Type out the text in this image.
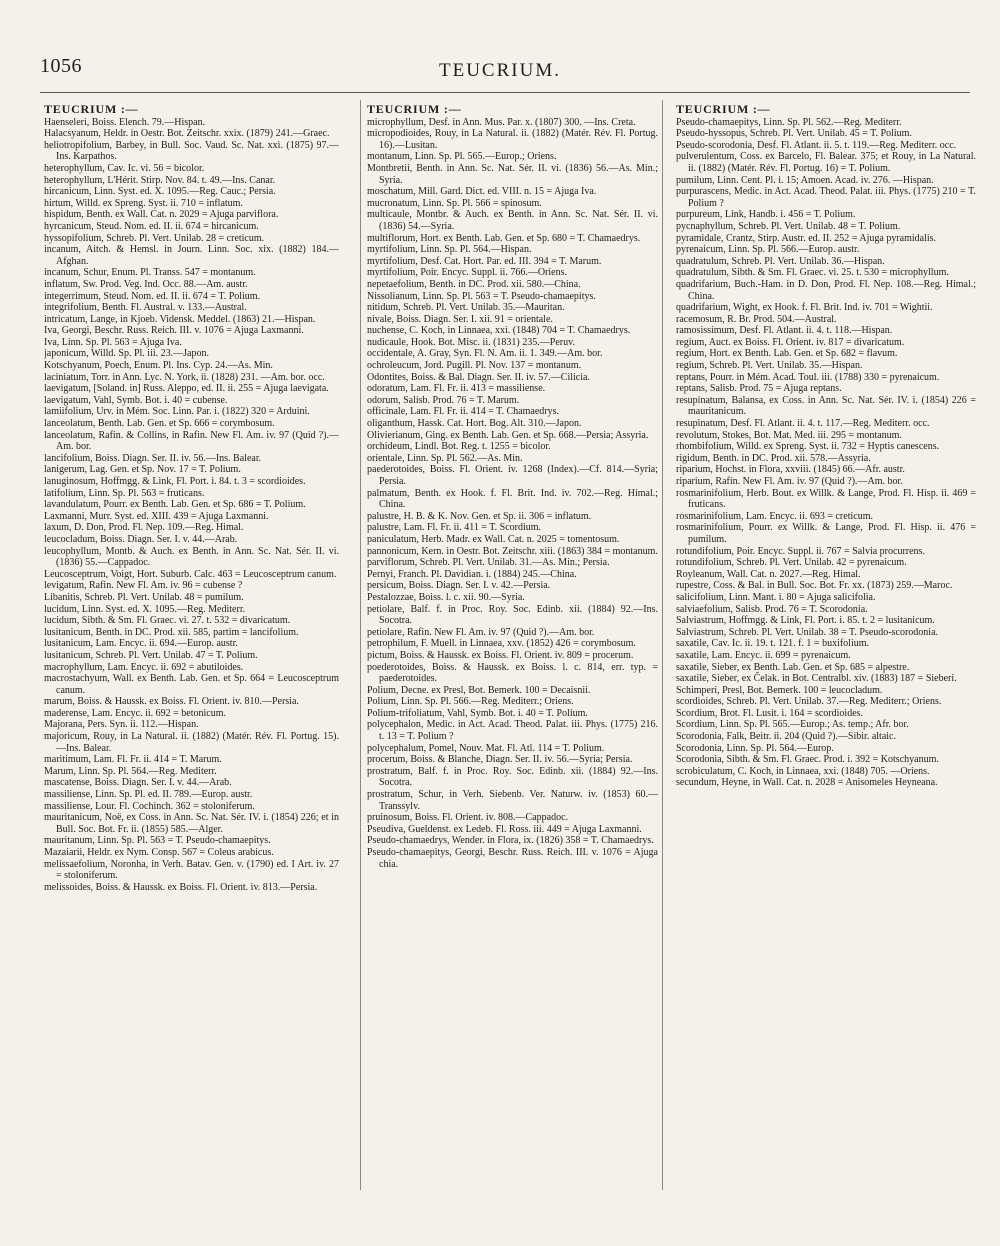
1056	TEUCRIUM.
TEUCRIUM :—
Haenseleri, Boiss. Elench. 79.—Hispan.
Halacsyanum, Heldr. in Oestr. Bot. Zeitschr. xxix. (1879) 241.—Graec.
heliotropifolium, Barbey, in Bull. Soc. Vaud. Sc. Nat. xxi. (1875) 97.—Ins. Karpathos.
heterophyllum, Cav. Ic. vi. 56 = bicolor.
heterophyllum, L'Hérit. Stirp. Nov. 84. t. 49.—Ins. Canar.
hircanicum, Linn. Syst. ed. X. 1095.—Reg. Cauc.; Persia.
hirtum, Willd. ex Spreng. Syst. ii. 710 = inflatum.
hispidum, Benth. ex Wall. Cat. n. 2029 = Ajuga parviflora.
hyrcanicum, Steud. Nom. ed. II. ii. 674 = hircanicum.
hyssopifolium, Schreb. Pl. Vert. Unilab. 28 = creticum.
incanum, Aitch. & Hemsl. in Journ. Linn. Soc. xix. (1882) 184.—Afghan.
incanum, Schur, Enum. Pl. Transs. 547 = montanum.
inflatum, Sw. Prod. Veg. Ind. Occ. 88.—Am. austr.
integerrimum, Steud. Nom. ed. II. ii. 674 = T. Polium.
integrifolium, Benth. Fl. Austral. v. 133.—Austral.
intricatum, Lange, in Kjoeb. Vidensk. Meddel. (1863) 21.—Hispan.
Iva, Georgi, Beschr. Russ. Reich. III. v. 1076 = Ajuga Laxmanni.
Iva, Linn. Sp. Pl. 563 = Ajuga Iva.
japonicum, Willd. Sp. Pl. iii. 23.—Japon.
Kotschyanum, Poech, Enum. Pl. Ins. Cyp. 24.—As. Min.
laciniatum, Torr. in Ann. Lyc. N. York, ii. (1828) 231. —Am. bor. occ.
laevigatum, [Soland. in] Russ. Aleppo, ed. II. ii. 255 = Ajuga laevigata.
laevigatum, Vahl, Symb. Bot. i. 40 = cubense.
lamiifolium, Urv. in Mém. Soc. Linn. Par. i. (1822) 320 = Arduini.
lanceolatum, Benth. Lab. Gen. et Sp. 666 = corymbosum.
lanceolatum, Rafin. & Collins, in Rafin. New Fl. Am. iv. 97 (Quid ?).—Am. bor.
lancifolium, Boiss. Diagn. Ser. II. iv. 56.—Ins. Balear.
lanigerum, Lag. Gen. et Sp. Nov. 17 = T. Polium.
lanuginosum, Hoffmgg. & Link, Fl. Port. i. 84. t. 3 = scordioides.
latifolium, Linn. Sp. Pl. 563 = fruticans.
lavandulatum, Pourr. ex Benth. Lab. Gen. et Sp. 686 = T. Polium.
Laxmanni, Murr. Syst. ed. XIII. 439 = Ajuga Laxmanni.
laxum, D. Don, Prod. Fl. Nep. 109.—Reg. Himal.
leucocladum, Boiss. Diagn. Ser. I. v. 44.—Arab.
leucophyllum, Montb. & Auch. ex Benth. in Ann. Sc. Nat. Sér. II. vi. (1836) 55.—Cappadoc.
Leucosceptrum, Voigt, Hort. Suburb. Calc. 463 = Leucosceptrum canum.
levigatum, Rafin. New Fl. Am. iv. 96 = cubense ?
Libanitis, Schreb. Pl. Vert. Unilab. 48 = pumilum.
lucidum, Linn. Syst. ed. X. 1095.—Reg. Mediterr.
lucidum, Sibth. & Sm. Fl. Graec. vi. 27. t. 532 = divaricatum.
lusitanicum, Benth. in DC. Prod. xii. 585, partim = lancifolium.
lusitanicum, Lam. Encyc. ii. 694.—Europ. austr.
lusitanicum, Schreb. Pl. Vert. Unilab. 47 = T. Polium.
macrophyllum, Lam. Encyc. ii. 692 = abutiloides.
macrostachyum, Wall. ex Benth. Lab. Gen. et Sp. 664 = Leucosceptrum canum.
marum, Boiss. & Haussk. ex Boiss. Fl. Orient. iv. 810.—Persia.
maderense, Lam. Encyc. ii. 692 = betonicum.
Majorana, Pers. Syn. ii. 112.—Hispan.
majoricum, Rouy, in La Natural. ii. (1882) (Matér. Rév. Fl. Portug. 15).—Ins. Balear.
maritimum, Lam. Fl. Fr. ii. 414 = T. Marum.
Marum, Linn. Sp. Pl. 564.—Reg. Mediterr.
mascatense, Boiss. Diagn. Ser. I. v. 44.—Arab.
massiliense, Linn. Sp. Pl. ed. II. 789.—Europ. austr.
massiliense, Lour. Fl. Cochinch. 362 = stoloniferum.
mauritanicum, Noë, ex Coss. in Ann. Sc. Nat. Sér. IV. i. (1854) 226; et in Bull. Soc. Bot. Fr. ii. (1855) 585.—Alger.
mauritanum, Linn. Sp. Pl. 563 = T. Pseudo-chamaepitys.
Mazaiarii, Heldr. ex Nym. Consp. 567 = Coleus arabicus.
melissaefolium, Noronha, in Verh. Batav. Gen. v. (1790) ed. I Art. iv. 27 = stoloniferum.
melissoides, Boiss. & Haussk. ex Boiss. Fl. Orient. iv. 813.—Persia.
TEUCRIUM :—
microphyllum, Desf. in Ann. Mus. Par. x. (1807) 300. —Ins. Creta.
micropodioides, Rouy, in La Natural. ii. (1882) (Matér. Rév. Fl. Portug. 16).—Lusitan.
montanum, Linn. Sp. Pl. 565.—Europ.; Oriens.
Montbretii, Benth. in Ann. Sc. Nat. Sér. II. vi. (1836) 56.—As. Min.; Syria.
moschatum, Mill. Gard. Dict. ed. VIII. n. 15 = Ajuga Iva.
mucronatum, Linn. Sp. Pl. 566 = spinosum.
multicaule, Montbr. & Auch. ex Benth. in Ann. Sc. Nat. Sér. II. vi. (1836) 54.—Syria.
multiflorum, Hort. ex Benth. Lab. Gen. et Sp. 680 = T. Chamaedrys.
myrtifolium, Linn. Sp. Pl. 564.—Hispan.
myrtifolium, Desf. Cat. Hort. Par. ed. III. 394 = T. Marum.
myrtifolium, Poir. Encyc. Suppl. ii. 766.—Oriens.
nepetaefolium, Benth. in DC. Prod. xii. 580.—China.
Nissolianum, Linn. Sp. Pl. 563 = T. Pseudo-chamaepitys.
nitidum, Schreb. Pl. Vert. Unilab. 35.—Mauritan.
nivale, Boiss. Diagn. Ser. I. xii. 91 = orientale.
nuchense, C. Koch, in Linnaea, xxi. (1848) 704 = T. Chamaedrys.
nudicaule, Hook. Bot. Misc. ii. (1831) 235.—Peruv.
occidentale, A. Gray, Syn. Fl. N. Am. ii. 1. 349.—Am. bor.
ochroleucum, Jord. Pugill. Pl. Nov. 137 = montanum.
Odontites, Boiss. & Bal. Diagn. Ser. II. iv. 57.—Cilicia.
odoratum, Lam. Fl. Fr. ii. 413 = massiliense.
odorum, Salisb. Prod. 76 = T. Marum.
officinale, Lam. Fl. Fr. ii. 414 = T. Chamaedrys.
oliganthum, Hassk. Cat. Hort. Bog. Alt. 310.—Japon.
Olivierianum, Ging. ex Benth. Lab. Gen. et Sp. 668.—Persia; Assyria.
orchideum, Lindl. Bot. Reg. t. 1255 = bicolor.
orientale, Linn. Sp. Pl. 562.—As. Min.
paederotoides, Boiss. Fl. Orient. iv. 1268 (Index).—Cf. 814.—Syria; Persia.
palmatum, Benth. ex Hook. f. Fl. Brit. Ind. iv. 702.—Reg. Himal.; China.
palustre, H. B. & K. Nov. Gen. et Sp. ii. 306 = inflatum.
palustre, Lam. Fl. Fr. ii. 411 = T. Scordium.
paniculatum, Herb. Madr. ex Wall. Cat. n. 2025 = tomentosum.
pannonicum, Kern. in Oestr. Bot. Zeitschr. xiii. (1863) 384 = montanum.
parviflorum, Schreb. Pl. Vert. Unilab. 31.—As. Min.; Persia.
Pernyi, Franch. Pl. Davidian. i. (1884) 245.—China.
persicum, Boiss. Diagn. Ser. I. v. 42.—Persia.
Pestalozzae, Boiss. l. c. xii. 90.—Syria.
petiolare, Balf. f. in Proc. Roy. Soc. Edinb. xii. (1884) 92.—Ins. Socotra.
petiolare, Rafin. New Fl. Am. iv. 97 (Quid ?).—Am. bor.
petrophilum, F. Muell. in Linnaea, xxv. (1852) 426 = corymbosum.
pictum, Boiss. & Haussk. ex Boiss. Fl. Orient. iv. 809 = procerum.
poederotoides, Boiss. & Haussk. ex Boiss. l. c. 814, err. typ. = paederotoides.
Polium, Decne. ex Presl, Bot. Bemerk. 100 = Decaisnii.
Polium, Linn. Sp. Pl. 566.—Reg. Mediterr.; Oriens.
Polium-trifoliatum, Vahl, Symb. Bot. i. 40 = T. Polium.
polycephalon, Medic. in Act. Acad. Theod. Palat. iii. Phys. (1775) 216. t. 13 = T. Polium ?
polycephalum, Pomel, Nouv. Mat. Fl. Atl. 114 = T. Polium.
procerum, Boiss. & Blanche, Diagn. Ser. II. iv. 56.—Syria; Persia.
prostratum, Balf. f. in Proc. Roy. Soc. Edinb. xii. (1884) 92.—Ins. Socotra.
prostratum, Schur, in Verh. Siebenb. Ver. Naturw. iv. (1853) 60.—Transsylv.
pruinosum, Boiss. Fl. Orient. iv. 808.—Cappadoc.
Pseudiva, Gueldenst. ex Ledeb. Fl. Ross. iii. 449 = Ajuga Laxmanni.
Pseudo-chamaedrys, Wender. in Flora, ix. (1826) 358 = T. Chamaedrys.
Pseudo-chamaepitys, Georgi, Beschr. Russ. Reich. III. v. 1076 = Ajuga chia.
TEUCRIUM :—
Pseudo-chamaepitys, Linn. Sp. Pl. 562.—Reg. Mediterr.
Pseudo-hyssopus, Schreb. Pl. Vert. Unilab. 45 = T. Polium.
Pseudo-scorodonia, Desf. Fl. Atlant. ii. 5. t. 119.—Reg. Mediterr. occ.
pulverulentum, Coss. ex Barcelo, Fl. Balear. 375; et Rouy, in La Natural. ii. (1882) (Matér. Rév. Fl. Portug. 16) = T. Polium.
pumilum, Linn. Cent. Pl. i. 15; Amoen. Acad. iv. 276. —Hispan.
purpurascens, Medic. in Act. Acad. Theod. Palat. iii. Phys. (1775) 210 = T. Polium ?
purpureum, Link, Handb. i. 456 = T. Polium.
pycnaphyllum, Schreb. Pl. Vert. Unilab. 48 = T. Polium.
pyramidale, Crantz, Stirp. Austr. ed. II. 252 = Ajuga pyramidalis.
pyrenaicum, Linn. Sp. Pl. 566.—Europ. austr.
quadratulum, Schreb. Pl. Vert. Unilab. 36.—Hispan.
quadratulum, Sibth. & Sm. Fl. Graec. vi. 25. t. 530 = microphyllum.
quadrifarium, Buch.-Ham. in D. Don, Prod. Fl. Nep. 108.—Reg. Himal.; China.
quadrifarium, Wight, ex Hook. f. Fl. Brit. Ind. iv. 701 = Wightii.
racemosum, R. Br. Prod. 504.—Austral.
ramosissimum, Desf. Fl. Atlant. ii. 4. t. 118.—Hispan.
regium, Auct. ex Boiss. Fl. Orient. iv. 817 = divaricatum.
regium, Hort. ex Benth. Lab. Gen. et Sp. 682 = flavum.
regium, Schreb. Pl. Vert. Unilab. 35.—Hispan.
reptans, Pourr. in Mém. Acad. Toul. iii. (1788) 330 = pyrenaicum.
reptans, Salisb. Prod. 75 = Ajuga reptans.
resupinatum, Balansa, ex Coss. in Ann. Sc. Nat. Sér. IV. i. (1854) 226 = mauritanicum.
resupinatum, Desf. Fl. Atlant. ii. 4. t. 117.—Reg. Mediterr. occ.
revolutum, Stokes, Bot. Mat. Med. iii. 295 = montanum.
rhombifolium, Willd. ex Spreng. Syst. ii. 732 = Hyptis canescens.
rigidum, Benth. in DC. Prod. xii. 578.—Assyria.
riparium, Hochst. in Flora, xxviii. (1845) 66.—Afr. austr.
riparium, Rafin. New Fl. Am. iv. 97 (Quid ?).—Am. bor.
rosmarinifolium, Herb. Bout. ex Willk. & Lange, Prod. Fl. Hisp. ii. 469 = fruticans.
rosmarinifolium, Lam. Encyc. ii. 693 = creticum.
rosmarinifolium, Pourr. ex Willk. & Lange, Prod. Fl. Hisp. ii. 476 = pumilum.
rotundifolium, Poir. Encyc. Suppl. ii. 767 = Salvia procurrens.
rotundifolium, Schreb. Pl. Vert. Unilab. 42 = pyrenaicum.
Royleanum, Wall. Cat. n. 2027.—Reg. Himal.
rupestre, Coss. & Bal. in Bull. Soc. Bot. Fr. xx. (1873) 259.—Maroc.
salicifolium, Linn. Mant. i. 80 = Ajuga salicifolia.
salviaefolium, Salisb. Prod. 76 = T. Scorodonia.
Salviastrum, Hoffmgg. & Link, Fl. Port. i. 85. t. 2 = lusitanicum.
Salviastrum, Schreb. Pl. Vert. Unilab. 38 = T. Pseudo-scorodonia.
saxatile, Cav. Ic. ii. 19. t. 121. f. 1 = buxifolium.
saxatile, Lam. Encyc. ii. 699 = pyrenaicum.
saxatile, Sieber, ex Benth. Lab. Gen. et Sp. 685 = alpestre.
saxatile, Sieber, ex Čelak. in Bot. Centralbl. xiv. (1883) 187 = Sieberi.
Schimperi, Presl, Bot. Bemerk. 100 = leucocladum.
scordioides, Schreb. Pl. Vert. Unilab. 37.—Reg. Mediterr.; Oriens.
Scordium, Brot. Fl. Lusit. i. 164 = scordioides.
Scordium, Linn. Sp. Pl. 565.—Europ.; As. temp.; Afr. bor.
Scorodonia, Falk, Beitr. ii. 204 (Quid ?).—Sibir. altaic.
Scorodonia, Linn. Sp. Pl. 564.—Europ.
Scorodonia, Sibth. & Sm. Fl. Graec. Prod. i. 392 = Kotschyanum.
scrobiculatum, C. Koch, in Linnaea, xxi. (1848) 705. —Oriens.
secundum, Heyne, in Wall. Cat. n. 2028 = Anisomeles Heyneana.
